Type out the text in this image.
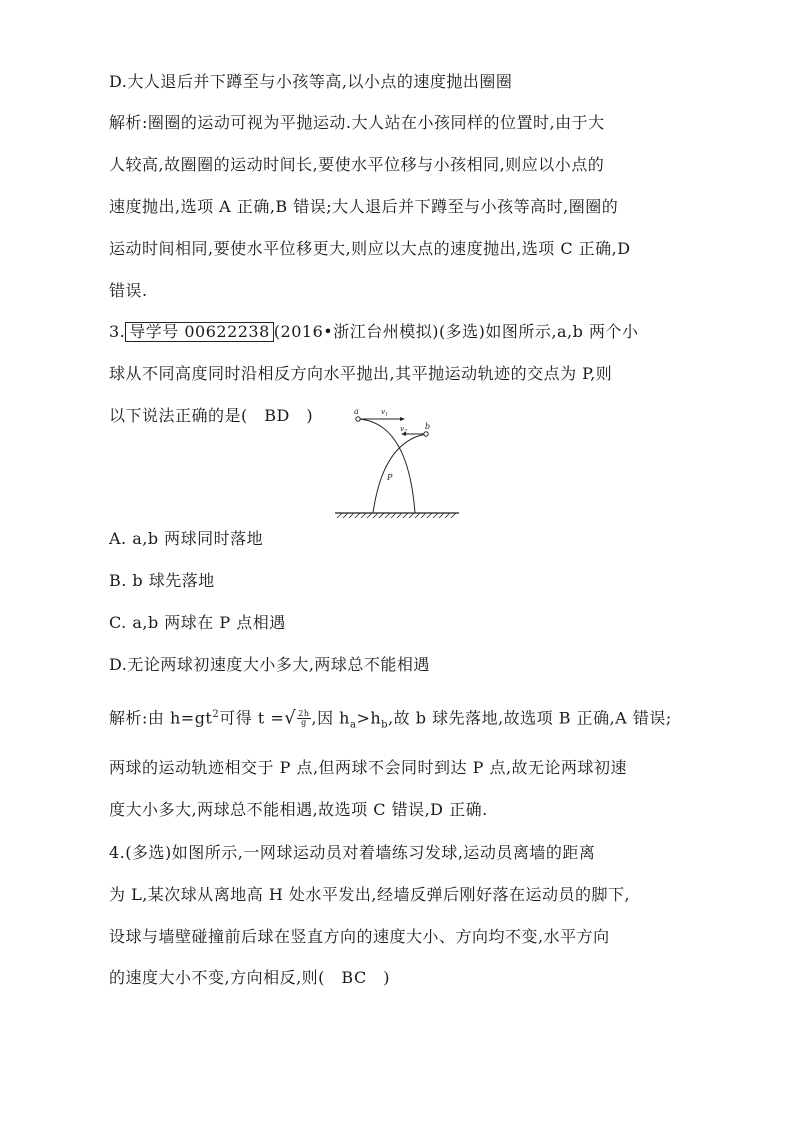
D.大人退后并下蹲至与小孩等高,以小点的速度抛出圈圈
解析:圈圈的运动可视为平抛运动.大人站在小孩同样的位置时,由于大
人较高,故圈圈的运动时间长,要使水平位移与小孩相同,则应以小点的
速度抛出,选项 A 正确,B 错误;大人退后并下蹲至与小孩等高时,圈圈的
运动时间相同,要使水平位移更大,则应以大点的速度抛出,选项 C 正确,D
错误.
3. 导学号 00622238 (2016•浙江台州模拟)(多选)如图所示,a,b 两个小
球从不同高度同时沿相反方向水平抛出,其平抛运动轨迹的交点为 P,则
以下说法正确的是(　BD　)	a
b
$v_1$
$v_2$
P
A. a,b 两球同时落地
B. b 球先落地
C. a,b 两球在 P 点相遇
D.无论两球初速度大小多大,两球总不能相遇
解析:由 $h=gt^2$可得 t =√ $\frac{2h}{g}$ ,因 $h_a>h_b$,故 b 球先落地,故选项 B 正确,A 错误;
两球的运动轨迹相交于 P 点,但两球不会同时到达 P 点,故无论两球初速
度大小多大,两球总不能相遇,故选项 C 错误,D 正确.
4.(多选)如图所示,一网球运动员对着墙练习发球,运动员离墙的距离
为 L,某次球从离地高 H 处水平发出,经墙反弹后刚好落在运动员的脚下,
设球与墙壁碰撞前后球在竖直方向的速度大小、方向均不变,水平方向
的速度大小不变,方向相反,则(　BC　)
